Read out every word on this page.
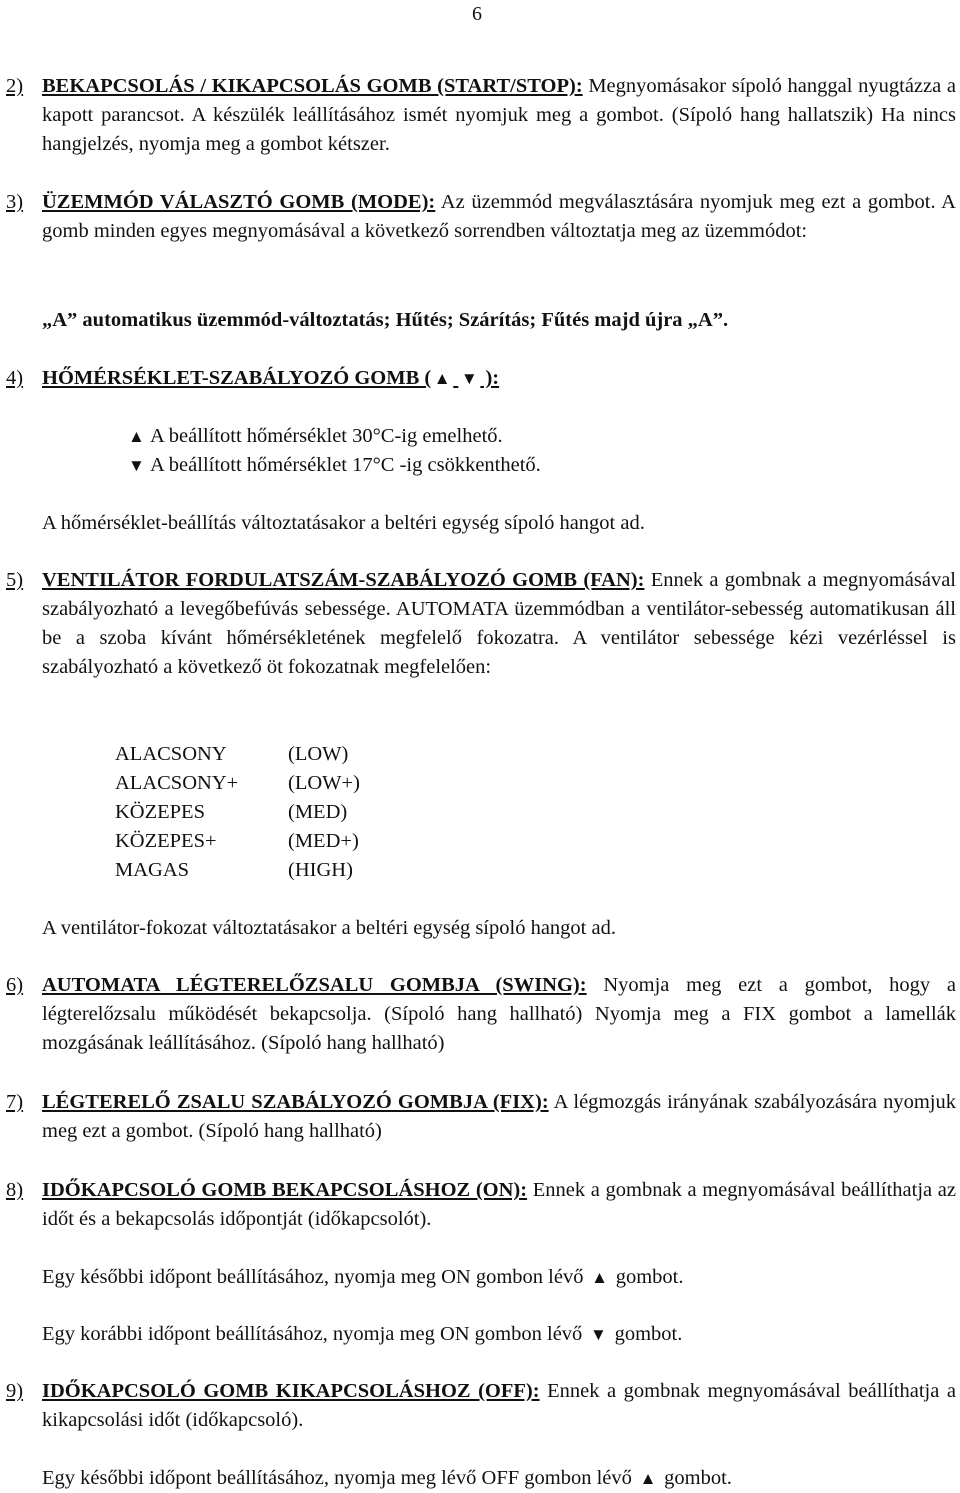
6
2) BEKAPCSOLÁS / KIKAPCSOLÁS GOMB (START/STOP): Megnyomásakor sípoló hanggal nyugtázza a kapott parancsot. A készülék leállításához ismét nyomjuk meg a gombot. (Sípoló hang hallatszik) Ha nincs hangjelzés, nyomja meg a gombot kétszer.
3) ÜZEMMÓD VÁLASZTÓ GOMB (MODE): Az üzemmód megválasztására nyomjuk meg ezt a gombot. A gomb minden egyes megnyomásával a következő sorrendben változtatja meg az üzemmódot:
„A” automatikus üzemmód-változtatás; Hűtés; Szárítás; Fűtés majd újra „A”.
4) HŐMÉRSÉKLET-SZABÁLYOZÓ GOMB ( ▲ ▼ ):
▲ A beállított hőmérséklet 30°C-ig emelhető.
▼ A beállított hőmérséklet 17°C -ig csökkenthető.
A hőmérséklet-beállítás változtatásakor a beltéri egység sípoló hangot ad.
5) VENTILÁTOR FORDULATSZÁM-SZABÁLYOZÓ GOMB (FAN): Ennek a gombnak a megnyomásával szabályozható a levegőbefúvás sebessége. AUTOMATA üzemmódban a ventilátor-sebesség automatikusan áll be a szoba kívánt hőmérsékletének megfelelő fokozatra. A ventilátor sebessége kézi vezérléssel is szabályozható a következő öt fokozatnak megfelelően:
ALACSONY	(LOW)
ALACSONY+ (LOW+)
KÖZEPES	(MED)
KÖZEPES+	(MED+)
MAGAS	(HIGH)
A ventilátor-fokozat változtatásakor a beltéri egység sípoló hangot ad.
6) AUTOMATA LÉGTERELŐZSALU GOMBJA (SWING): Nyomja meg ezt a gombot, hogy a légterelőzsalu működését bekapcsolja. (Sípoló hang hallható) Nyomja meg a FIX gombot a lamellák mozgásának leállításához. (Sípoló hang hallható)
7) LÉGTERELŐ ZSALU SZABÁLYOZÓ GOMBJA (FIX): A légmozgás irányának szabályozására nyomjuk meg ezt a gombot. (Sípoló hang hallható)
8) IDŐKAPCSOLÓ GOMB BEKAPCSOLÁSHOZ (ON): Ennek a gombnak a megnyomásával beállíthatja az időt és a bekapcsolás időpontját (időkapcsolót).
Egy későbbi időpont beállításához, nyomja meg ON gombon lévő ▲ gombot.
Egy korábbi időpont beállításához, nyomja meg ON gombon lévő ▼ gombot.
9) IDŐKAPCSOLÓ GOMB KIKAPCSOLÁSHOZ (OFF): Ennek a gombnak megnyomásával beállíthatja a kikapcsolási időt (időkapcsoló).
Egy későbbi időpont beállításához, nyomja meg lévő OFF gombon lévő ▲ gombot.
